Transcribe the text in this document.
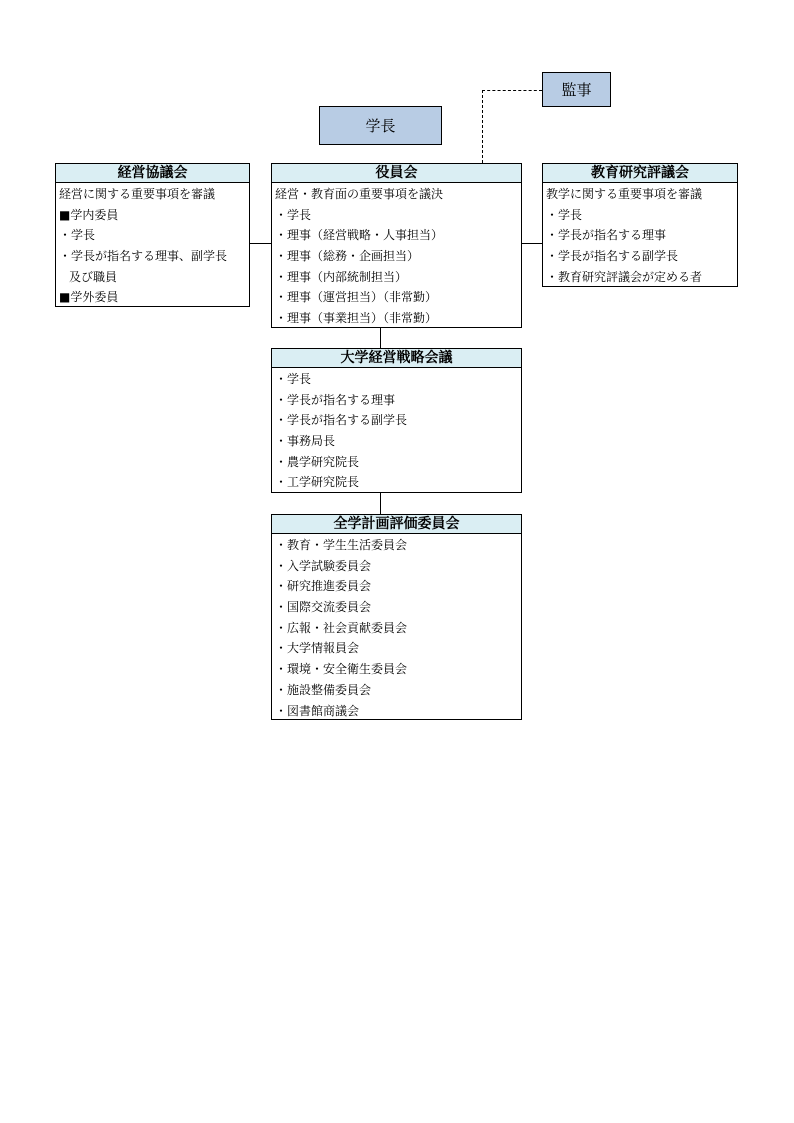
学長
監事
経営協議会
経営に関する重要事項を審議
■学内委員
・学長
・学長が指名する理事、副学長
及び職員
■学外委員
役員会
経営・教育面の重要事項を議決
・学長
・理事（経営戦略・人事担当）
・理事（総務・企画担当）
・理事（内部統制担当）
・理事（運営担当）（非常勤）
・理事（事業担当）（非常勤）
教育研究評議会
教学に関する重要事項を審議
・学長
・学長が指名する理事
・学長が指名する副学長
・教育研究評議会が定める者
大学経営戦略会議
・学長
・学長が指名する理事
・学長が指名する副学長
・事務局長
・農学研究院長
・工学研究院長
全学計画評価委員会
・教育・学生生活委員会
・入学試験委員会
・研究推進委員会
・国際交流委員会
・広報・社会貢献委員会
・大学情報員会
・環境・安全衛生委員会
・施設整備委員会
・図書館商議会
